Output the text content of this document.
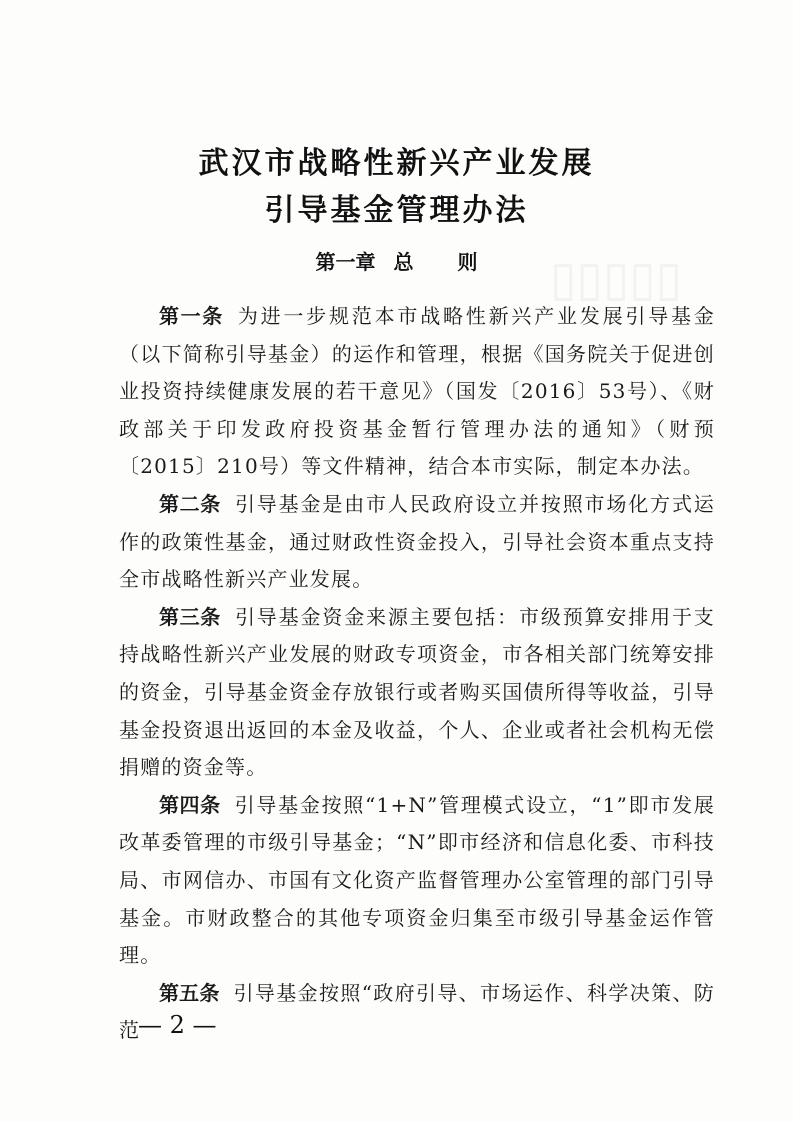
▯▯▯▯▯
武汉市战略性新兴产业发展
引导基金管理办法
第一章 总 则

第一条 为进一步规范本市战略性新兴产业发展引导基金（以下简称引导基金）的运作和管理，根据《国务院关于促进创业投资持续健康发展的若干意见》（国发〔2016〕53号）、《财政部关于印发政府投资基金暂行管理办法的通知》（财预〔2015〕210号）等文件精神，结合本市实际，制定本办法。

第二条 引导基金是由市人民政府设立并按照市场化方式运作的政策性基金，通过财政性资金投入，引导社会资本重点支持全市战略性新兴产业发展。

第三条 引导基金资金来源主要包括：市级预算安排用于支持战略性新兴产业发展的财政专项资金，市各相关部门统筹安排的资金，引导基金资金存放银行或者购买国债所得等收益，引导基金投资退出返回的本金及收益，个人、企业或者社会机构无偿捐赠的资金等。

第四条 引导基金按照“1+N”管理模式设立，“1”即市发展改革委管理的市级引导基金；“N”即市经济和信息化委、市科技局、市网信办、市国有文化资产监督管理办公室管理的部门引导基金。市财政整合的其他专项资金归集至市级引导基金运作管理。

第五条 引导基金按照“政府引导、市场运作、科学决策、防范

— 2 —
